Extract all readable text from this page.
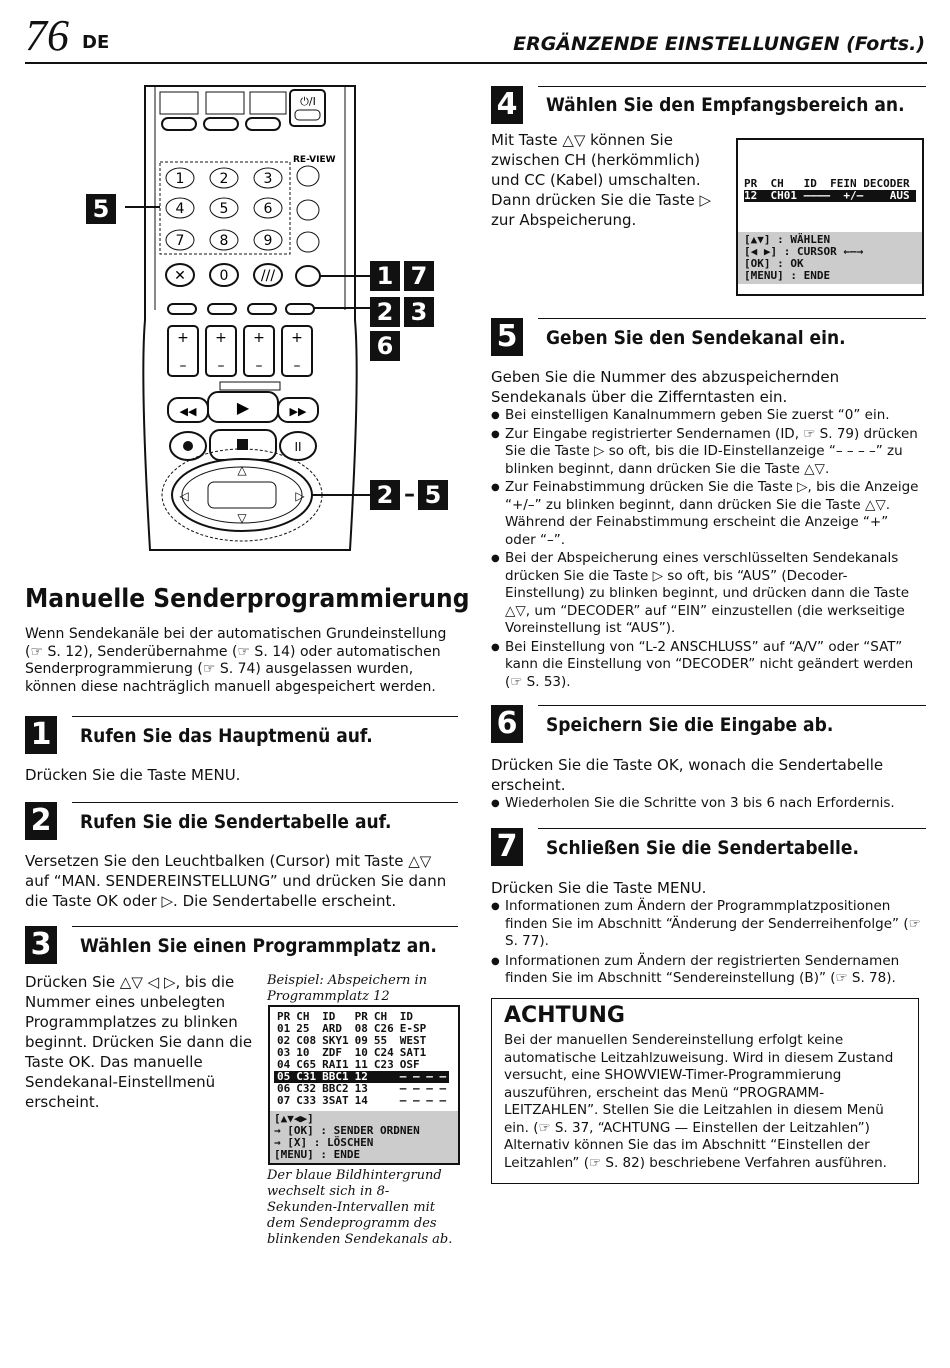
76 DE	ERGÄNZENDE EINSTELLUNGEN (Forts.)
⏻/I
RE-VIEW
1	2	3
4	5	6
7	8	9
✕ 0 ///
+
–
+
–
+
–
+
–
◀◀	▶	▶▶
II
△
▽
◁	▷
5
1 7
2 3
6
2 – 5
Manuelle Senderprogrammierung
Wenn Sendekanäle bei der automatischen Grundeinstellung (☞ S. 12), Senderübernahme (☞ S. 14) oder automatischen Senderprogrammierung (☞ S. 74) ausgelassen wurden, können diese nachträglich manuell abgespeichert werden.
1 Rufen Sie das Hauptmenü auf.
Drücken Sie die Taste MENU.
2 Rufen Sie die Sendertabelle auf.
Versetzen Sie den Leuchtbalken (Cursor) mit Taste △▽ auf “MAN. SENDEREINSTELLUNG” und drücken Sie dann die Taste OK oder ▷. Die Sendertabelle erscheint.
3 Wählen Sie einen Programmplatz an.
Drücken Sie △▽ ◁ ▷, bis die Nummer eines unbelegten Programmplatzes zu blinken beginnt. Drücken Sie dann die Taste OK. Das manuelle Sendekanal-Einstellmenü erscheint.
Beispiel: Abspeichern in Programmplatz 12
PR	CH	ID	PR	CH	ID
01	25	ARD	08	C26	E-SP
02	C08	SKY1	09	55	WEST
03	10	ZDF	10	C24	SAT1
04	C65	RAI1	11	C23	OSF
05	C31	BBC1	12		– – – –
06	C32	BBC2	13		– – – –
07	C33	3SAT	14		– – – –
[▲▼◀▶]
→ [OK] : SENDER ORDNEN
→ [X] : LÖSCHEN
[MENU] : ENDE
Der blaue Bildhintergrund wechselt sich in 8-Sekunden-Intervallen mit dem Sendeprogramm des blinkenden Sendekanals ab.
4 Wählen Sie den Empfangsbereich an.
Mit Taste △▽ können Sie zwischen CH (herkömmlich) und CC (Kabel) umschalten. Dann drücken Sie die Taste ▷ zur Abspeicherung.
PR  CH   ID  FEIN DECODER
12  CH01 ––––  +/–    AUS
[▲▼] : WÄHLEN
[◀ ▶] : CURSOR ←—→
[OK] : OK
[MENU] : ENDE
5 Geben Sie den Sendekanal ein.
Geben Sie die Nummer des abzuspeichernden Sendekanals über die Zifferntasten ein.
● Bei einstelligen Kanalnummern geben Sie zuerst “0” ein.
● Zur Eingabe registrierter Sendernamen (ID, ☞ S. 79) drücken Sie die Taste ▷ so oft, bis die ID-Einstellanzeige “– – – –” zu blinken beginnt, dann drücken Sie die Taste △▽.
● Zur Feinabstimmung drücken Sie die Taste ▷, bis die Anzeige “+/–” zu blinken beginnt, dann drücken Sie die Taste △▽. Während der Feinabstimmung erscheint die Anzeige “+” oder “–”.
● Bei der Abspeicherung eines verschlüsselten Sendekanals drücken Sie die Taste ▷ so oft, bis “AUS” (Decoder-Einstellung) zu blinken beginnt, und drücken dann die Taste △▽, um “DECODER” auf “EIN” einzustellen (die werkseitige Voreinstellung ist “AUS”).
● Bei Einstellung von “L-2 ANSCHLUSS” auf “A/V” oder “SAT” kann die Einstellung von “DECODER” nicht geändert werden (☞ S. 53).
6 Speichern Sie die Eingabe ab.
Drücken Sie die Taste OK, wonach die Sendertabelle erscheint.
● Wiederholen Sie die Schritte von 3 bis 6 nach Erfordernis.
7 Schließen Sie die Sendertabelle.
Drücken Sie die Taste MENU.
● Informationen zum Ändern der Programmplatzpositionen finden Sie im Abschnitt “Änderung der Senderreihenfolge” (☞ S. 77).
● Informationen zum Ändern der registrierten Sendernamen finden Sie im Abschnitt “Sendereinstellung (B)” (☞ S. 78).
ACHTUNG
Bei der manuellen Sendereinstellung erfolgt keine automatische Leitzahlzuweisung. Wird in diesem Zustand versucht, eine SHOWVIEW-Timer-Programmierung auszuführen, erscheint das Menü “PROGRAMM-LEITZAHLEN”. Stellen Sie die Leitzahlen in diesem Menü ein. (☞ S. 37, “ACHTUNG — Einstellen der Leitzahlen”) Alternativ können Sie das im Abschnitt “Einstellen der Leitzahlen” (☞ S. 82) beschriebene Verfahren ausführen.
